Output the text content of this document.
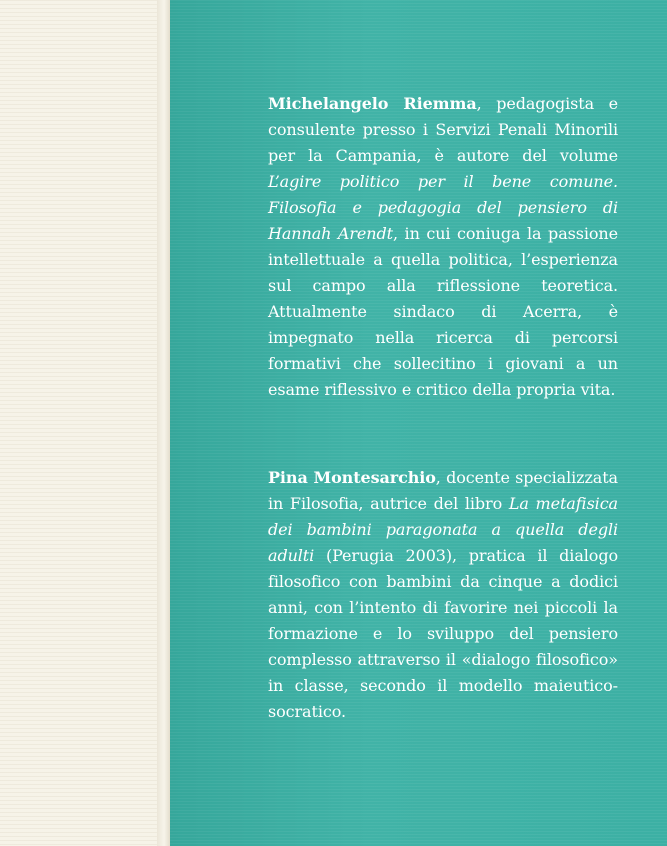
Michelangelo Riemma, pedagogista e consulente presso i Servizi Penali Minorili per la Campania, è autore del volume L’agire politico per il bene comune. Filosofia e pedagogia del pensiero di Hannah Arendt, in cui coniuga la passione intellettuale a quella politica, l’esperienza sul campo alla riflessione teoretica. Attualmente sindaco di Acerra, è impegnato nella ricerca di percorsi formativi che sollecitino i giovani a un esame riflessivo e critico della propria vita.

Pina Montesarchio, docente specializzata in Filosofia, autrice del libro La metafisica dei bambini paragonata a quella degli adulti (Perugia 2003), pratica il dialogo filosofico con bambini da cinque a dodici anni, con l’intento di favorire nei piccoli la formazione e lo sviluppo del pensiero complesso attraverso il «dialogo filosofico» in classe, secondo il modello maieutico-socratico.
